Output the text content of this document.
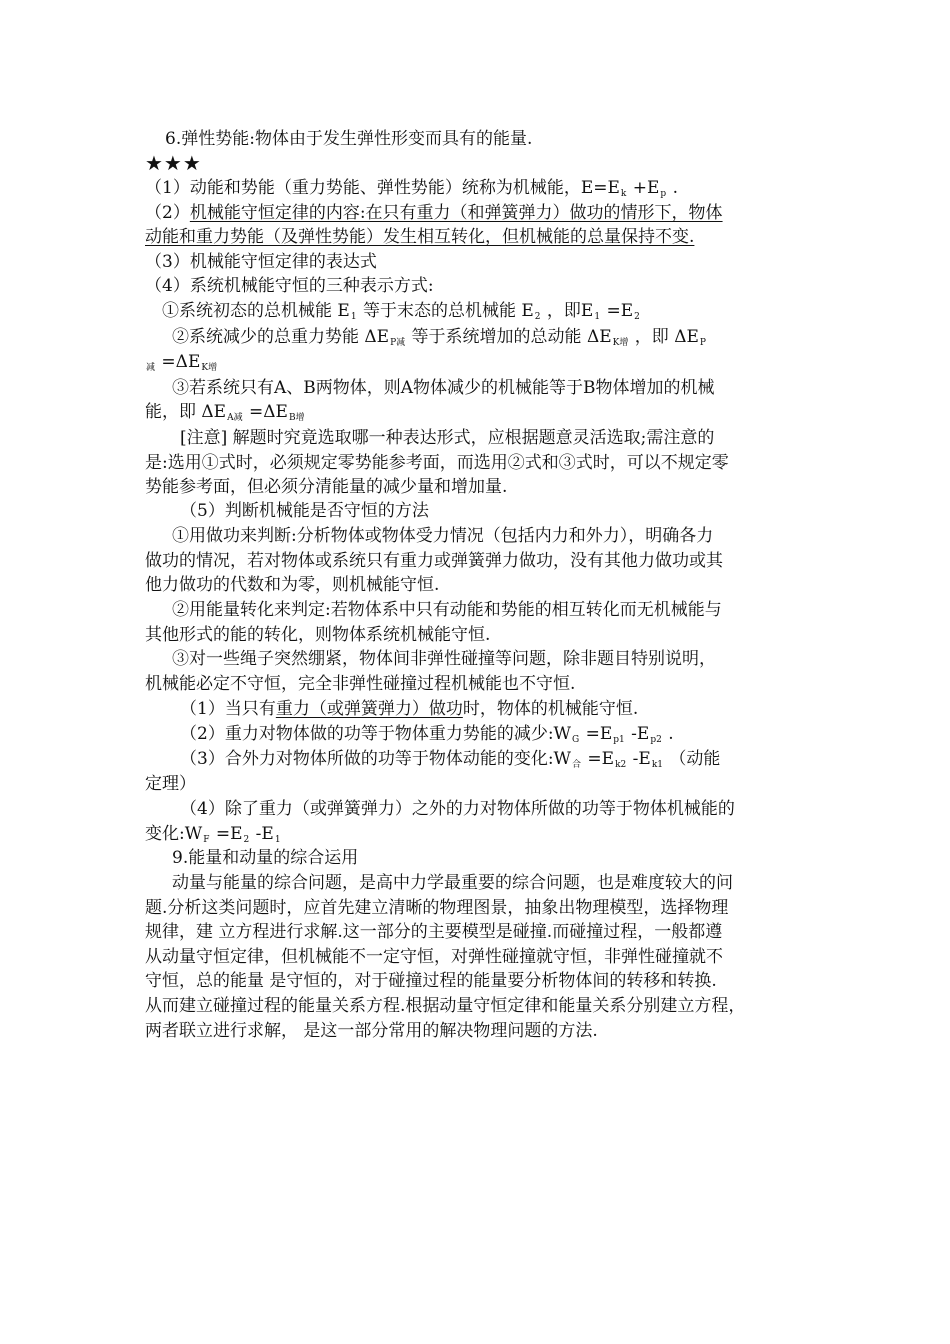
6.弹性势能:物体由于发生弹性形变而具有的能量.
★★★
（1）动能和势能（重力势能、弹性势能）统称为机械能，$E=E_k +E_p$ .
（2）机械能守恒定律的内容:在只有重力（和弹簧弹力）做功的情形下，物体
动能和重力势能（及弹性势能）发生相互转化，但机械能的总量保持不变.
（3）机械能守恒定律的表达式
（4）系统机械能守恒的三种表示方式:
①系统初态的总机械能 $E_1$ 等于末态的总机械能 $E_2$ ，即$E_1 =E_2$
②系统减少的总重力势能 $\Delta E_{P减}$ 等于系统增加的总动能 $\Delta E_{K增}$ ，即 $\Delta E_P$
$_减 =\Delta E_{K增}$
③若系统只有A、B两物体，则A物体减少的机械能等于B物体增加的机械
能，即 $\Delta E_{A减} =\Delta E_{B增}$
[注意] 解题时究竟选取哪一种表达形式，应根据题意灵活选取;需注意的
是:选用①式时，必须规定零势能参考面，而选用②式和③式时，可以不规定零
势能参考面，但必须分清能量的减少量和增加量.
（5）判断机械能是否守恒的方法
①用做功来判断:分析物体或物体受力情况（包括内力和外力），明确各力
做功的情况，若对物体或系统只有重力或弹簧弹力做功，没有其他力做功或其
他力做功的代数和为零，则机械能守恒.
②用能量转化来判定:若物体系中只有动能和势能的相互转化而无机械能与
其他形式的能的转化，则物体系统机械能守恒.
③对一些绳子突然绷紧，物体间非弹性碰撞等问题，除非题目特别说明，
机械能必定不守恒，完全非弹性碰撞过程机械能也不守恒.
（1）当只有重力（或弹簧弹力）做功时，物体的机械能守恒.
（2）重力对物体做的功等于物体重力势能的减少$:W_G =E_{p1}$ $-E_{p2}$ .
（3）合外力对物体所做的功等于物体动能的变化$:W_合 =E_{k2}$ $-E_{k1}$ （动能
定理）
（4）除了重力（或弹簧弹力）之外的力对物体所做的功等于物体机械能的
变化$:W_F =E_2$ $-E_1$
9.能量和动量的综合运用
动量与能量的综合问题，是高中力学最重要的综合问题，也是难度较大的问
题.分析这类问题时，应首先建立清晰的物理图景，抽象出物理模型，选择物理
规律，建 立方程进行求解.这一部分的主要模型是碰撞.而碰撞过程，一般都遵
从动量守恒定律，但机械能不一定守恒，对弹性碰撞就守恒，非弹性碰撞就不
守恒，总的能量 是守恒的，对于碰撞过程的能量要分析物体间的转移和转换.
从而建立碰撞过程的能量关系方程.根据动量守恒定律和能量关系分别建立方程，
两者联立进行求解， 是这一部分常用的解决物理问题的方法.
